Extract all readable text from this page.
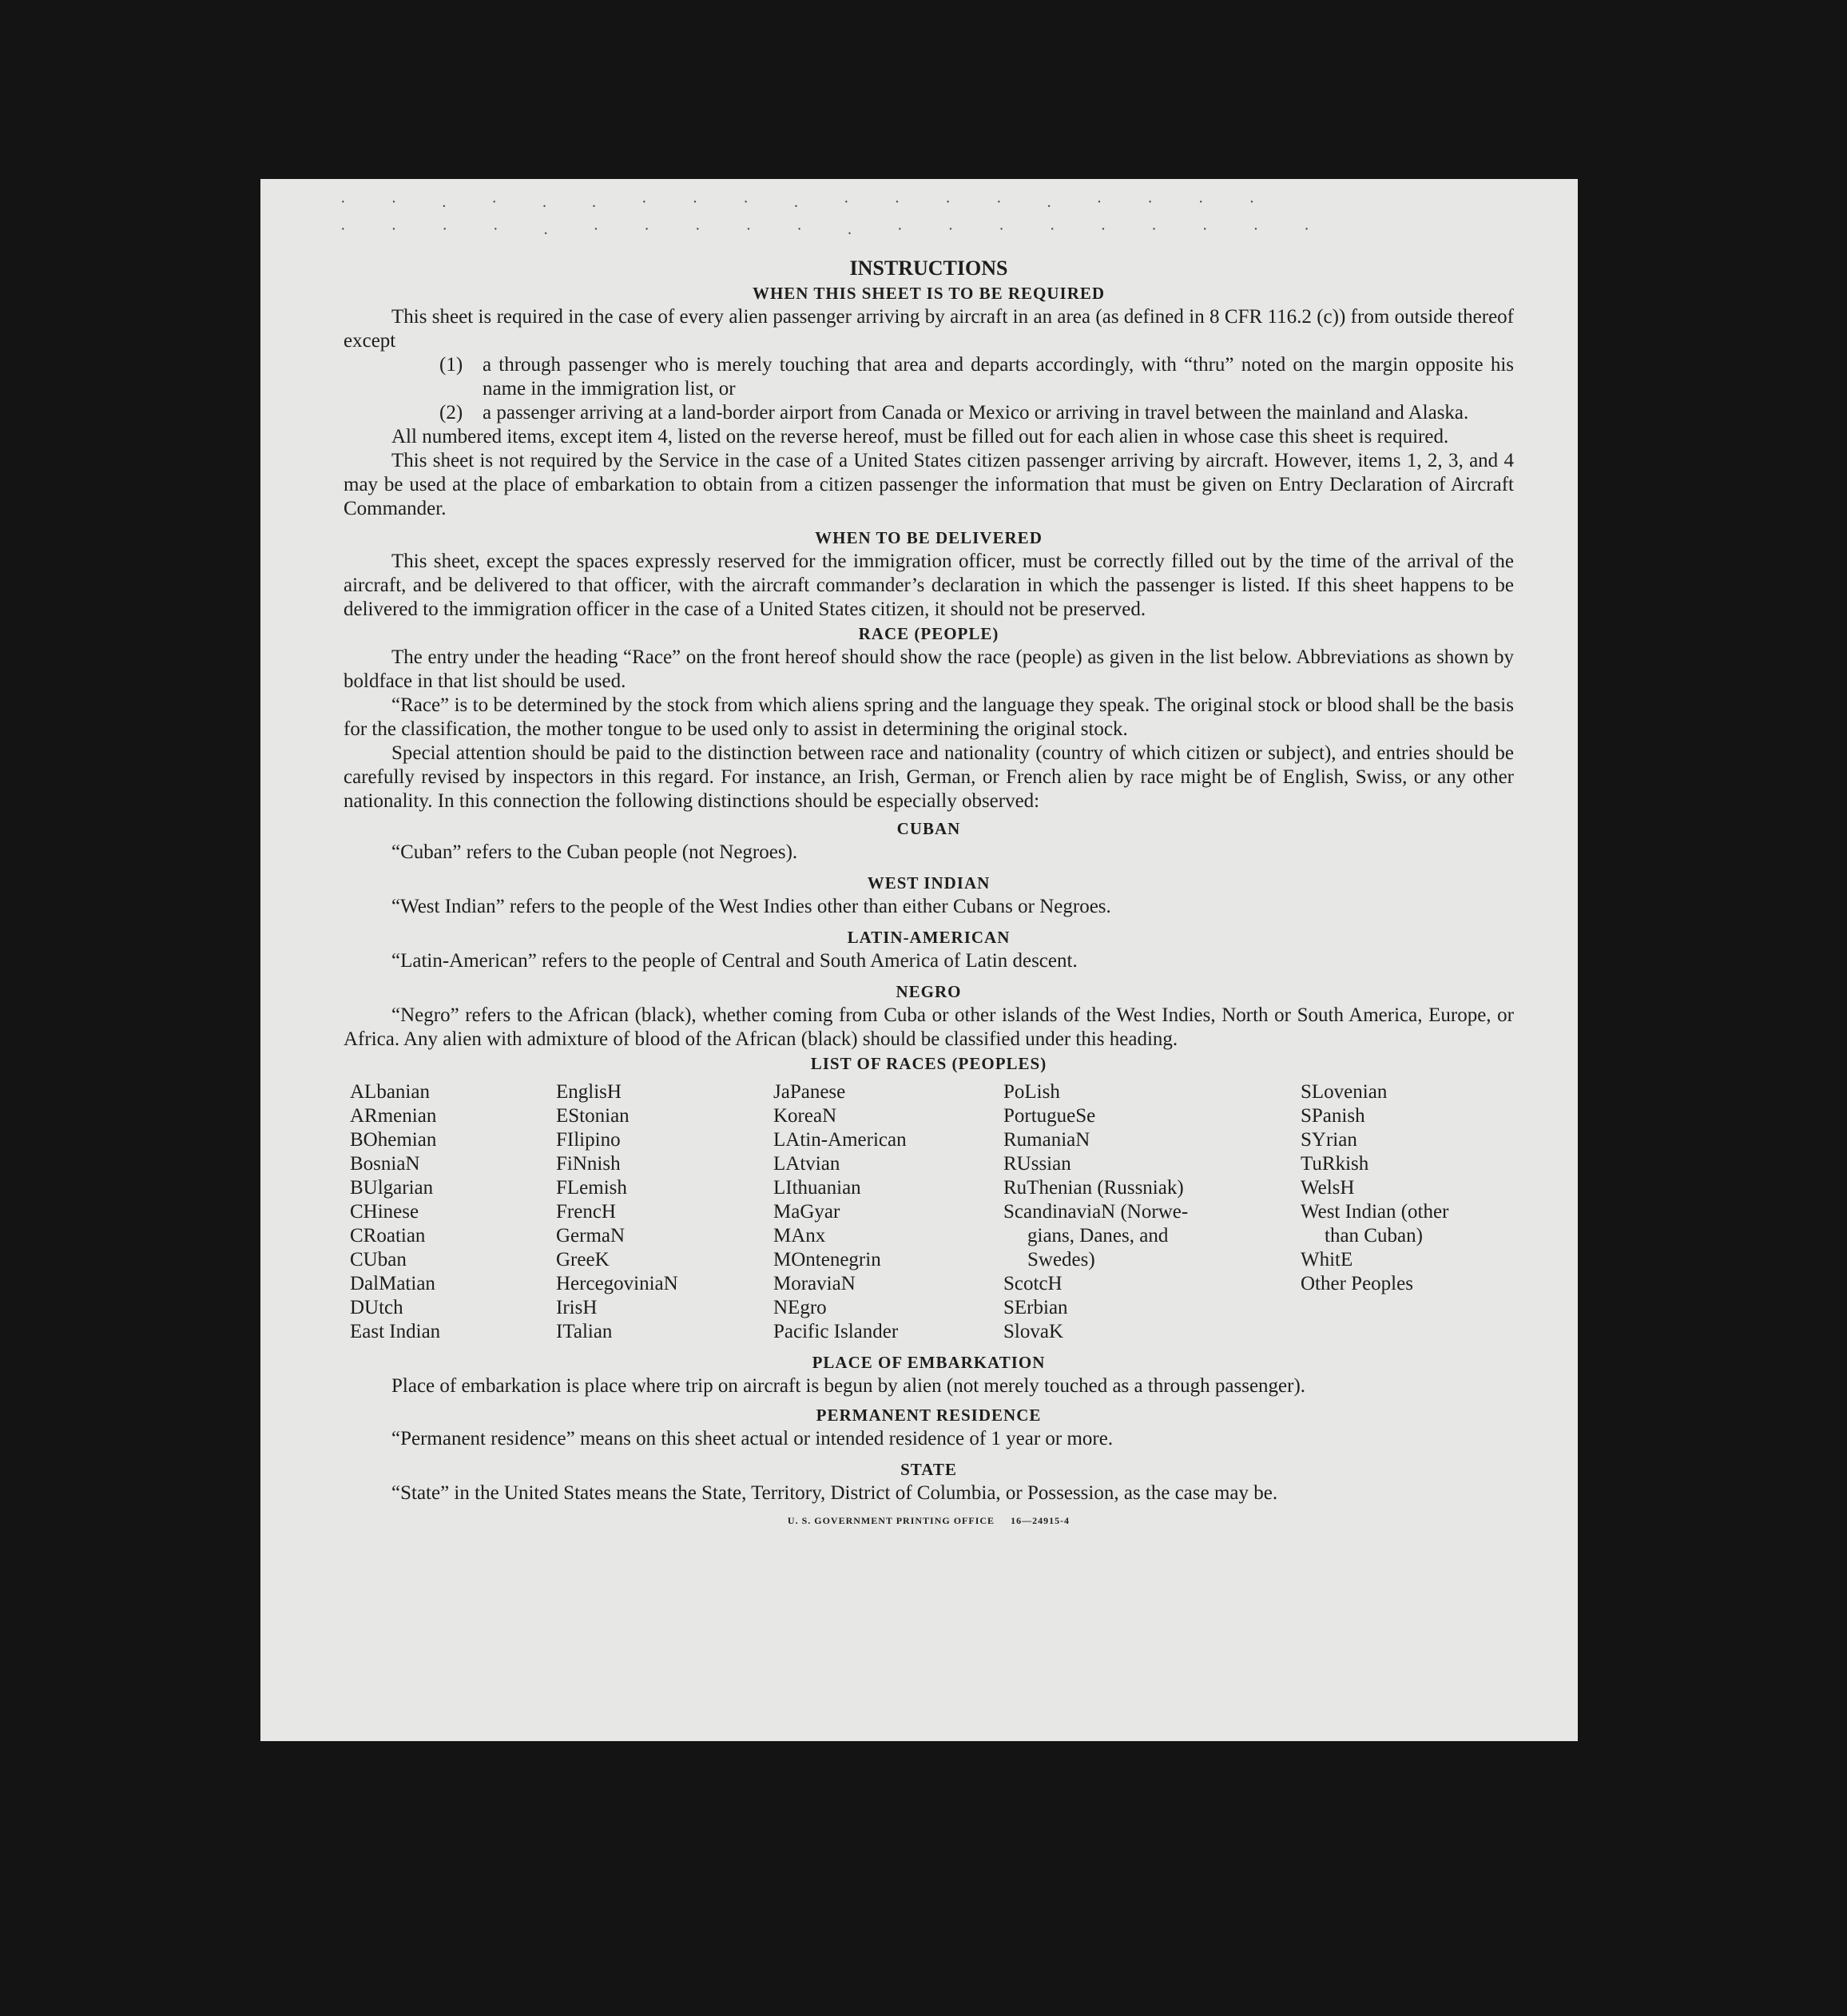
· · . · . . · · · . · · · · . · · · ·
· · · · . · · · · · . · · · · · · · · ·
INSTRUCTIONS
WHEN THIS SHEET IS TO BE REQUIRED

This sheet is required in the case of every alien passenger arriving by aircraft in an area (as defined in 8 CFR 116.2 (c)) from outside thereof except

(1) a through passenger who is merely touching that area and departs accordingly, with “thru” noted on the margin opposite his name in the immigration list, or
(2) a passenger arriving at a land-border airport from Canada or Mexico or arriving in travel between the mainland and Alaska.

All numbered items, except item 4, listed on the reverse hereof, must be filled out for each alien in whose case this sheet is required.

This sheet is not required by the Service in the case of a United States citizen passenger arriving by aircraft. However, items 1, 2, 3, and 4 may be used at the place of embarkation to obtain from a citizen passenger the information that must be given on Entry Declaration of Aircraft Commander.

WHEN TO BE DELIVERED

This sheet, except the spaces expressly reserved for the immigration officer, must be correctly filled out by the time of the arrival of the aircraft, and be delivered to that officer, with the aircraft commander’s declaration in which the passenger is listed. If this sheet happens to be delivered to the immigration officer in the case of a United States citizen, it should not be preserved.

RACE (PEOPLE)

The entry under the heading “Race” on the front hereof should show the race (people) as given in the list below. Abbreviations as shown by boldface in that list should be used.

“Race” is to be determined by the stock from which aliens spring and the language they speak. The original stock or blood shall be the basis for the classification, the mother tongue to be used only to assist in determining the original stock.

Special attention should be paid to the distinction between race and nationality (country of which citizen or subject), and entries should be carefully revised by inspectors in this regard. For instance, an Irish, German, or French alien by race might be of English, Swiss, or any other nationality. In this connection the following distinctions should be especially observed:

CUBAN

“Cuban” refers to the Cuban people (not Negroes).

WEST INDIAN

“West Indian” refers to the people of the West Indies other than either Cubans or Negroes.

LATIN-AMERICAN

“Latin-American” refers to the people of Central and South America of Latin descent.

NEGRO

“Negro” refers to the African (black), whether coming from Cuba or other islands of the West Indies, North or South America, Europe, or Africa. Any alien with admixture of blood of the African (black) should be classified under this heading.

LIST OF RACES (PEOPLES)
ALbanian
ARmenian
BOhemian
BosniaN
BUlgarian
CHinese
CRoatian
CUban
DalMatian
DUtch
East Indian
EnglisH
EStonian
FIlipino
FiNnish
FLemish
FrencH
GermaN
GreeK
HercegoviniaN
IrisH
ITalian
JaPanese
KoreaN
LAtin-American
LAtvian
LIthuanian
MaGyar
MAnx
MOntenegrin
MoraviaN
NEgro
Pacific Islander
PoLish
PortugueSe
RumaniaN
RUssian
RuThenian (Russniak)
ScandinaviaN (Norwe-
gians, Danes, and
Swedes)
ScotcH
SErbian
SlovaK
SLovenian
SPanish
SYrian
TuRkish
WelsH
West Indian (other
than Cuban)
WhitE
Other Peoples
PLACE OF EMBARKATION

Place of embarkation is place where trip on aircraft is begun by alien (not merely touched as a through passenger).

PERMANENT RESIDENCE

“Permanent residence” means on this sheet actual or intended residence of 1 year or more.

STATE

“State” in the United States means the State, Territory, District of Columbia, or Possession, as the case may be.

U. S. GOVERNMENT PRINTING OFFICE 16—24915-4
